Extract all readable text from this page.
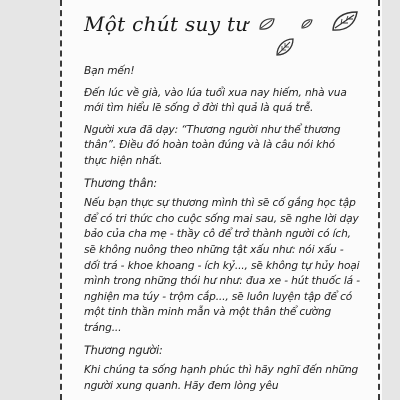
Một chút suy tư

Bạn mến!

Đến lúc về già, vào lúa tuổi xua nay hiếm, nhà vua mới tìm hiểu lẽ sống ở đời thì quả là quá trễ.

Người xưa đã dạy: “Thương người như thể thương thân”. Điều đó hoàn toàn đúng và là câu nói khó thực hiện nhất.

Thương thân:

Nếu bạn thực sự thương mình thì sẽ cố gắng học tập để có tri thức cho cuộc sống mai sau, sẽ nghe lời dạy bảo của cha mẹ - thầy cô để trở thành người có ích, sẽ không nuông theo những tật xấu như: nói xấu - dối trá - khoe khoang - ích kỷ..., sẽ không tự hủy hoại mình trong những thói hư như: đua xe - hút thuốc lá - nghiện ma túy - trộm cắp..., sẽ luôn luyện tập để có một tinh thần minh mẫn và một thân thể cường tráng...

Thương người:

Khi chúng ta sống hạnh phúc thì hãy nghĩ đến những người xung quanh. Hãy đem lòng yêu
